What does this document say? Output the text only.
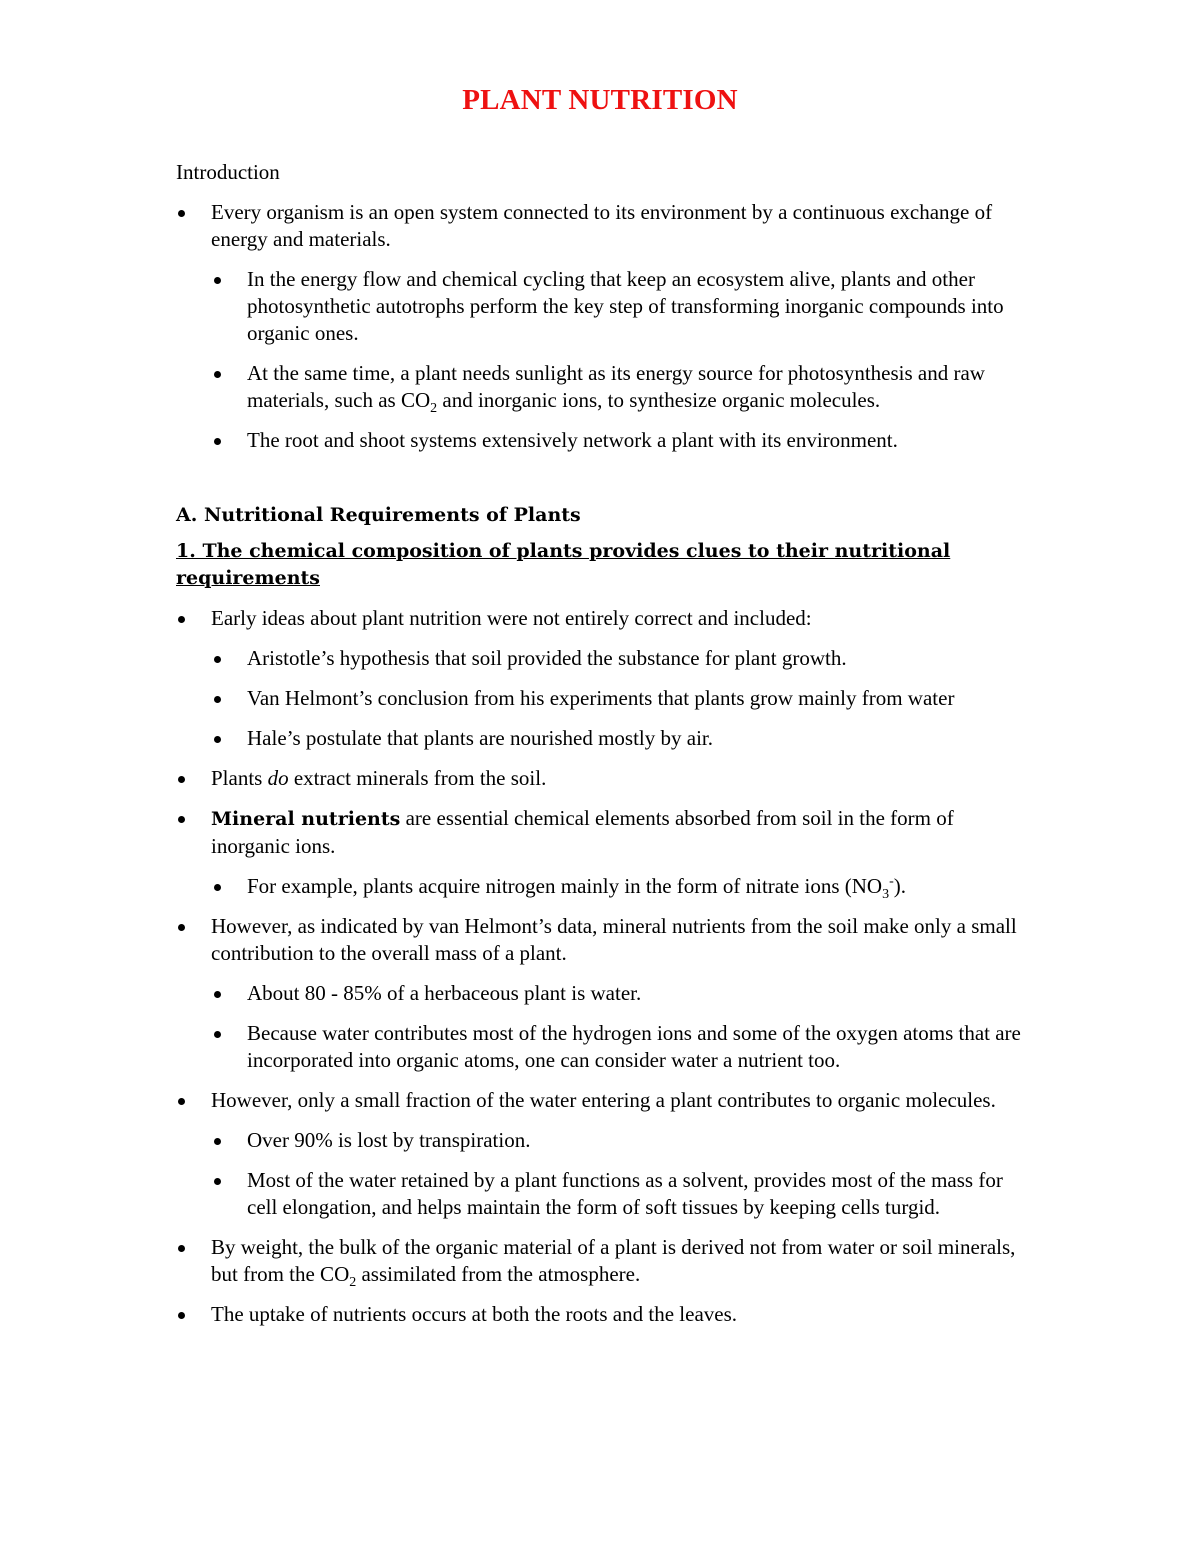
PLANT NUTRITION

Introduction

Every organism is an open system connected to its environment by a continuous exchange of energy and materials.
In the energy flow and chemical cycling that keep an ecosystem alive, plants and other photosynthetic autotrophs perform the key step of transforming inorganic compounds into organic ones.
At the same time, a plant needs sunlight as its energy source for photosynthesis and raw materials, such as $CO_2$ and inorganic ions, to synthesize organic molecules.
The root and shoot systems extensively network a plant with its environment.
A. Nutritional Requirements of Plants
1. The chemical composition of plants provides clues to their nutritional requirements
Early ideas about plant nutrition were not entirely correct and included:
Aristotle’s hypothesis that soil provided the substance for plant growth.
Van Helmont’s conclusion from his experiments that plants grow mainly from water
Hale’s postulate that plants are nourished mostly by air.
Plants do extract minerals from the soil.
Mineral nutrients are essential chemical elements absorbed from soil in the form of inorganic ions.
For example, plants acquire nitrogen mainly in the form of nitrate ions $(NO_3^-)$.
However, as indicated by van Helmont’s data, mineral nutrients from the soil make only a small contribution to the overall mass of a plant.
About 80 - 85% of a herbaceous plant is water.
Because water contributes most of the hydrogen ions and some of the oxygen atoms that are incorporated into organic atoms, one can consider water a nutrient too.
However, only a small fraction of the water entering a plant contributes to organic molecules.
Over 90% is lost by transpiration.
Most of the water retained by a plant functions as a solvent, provides most of the mass for cell elongation, and helps maintain the form of soft tissues by keeping cells turgid.
By weight, the bulk of the organic material of a plant is derived not from water or soil minerals, but from the $CO_2$ assimilated from the atmosphere.
The uptake of nutrients occurs at both the roots and the leaves.
